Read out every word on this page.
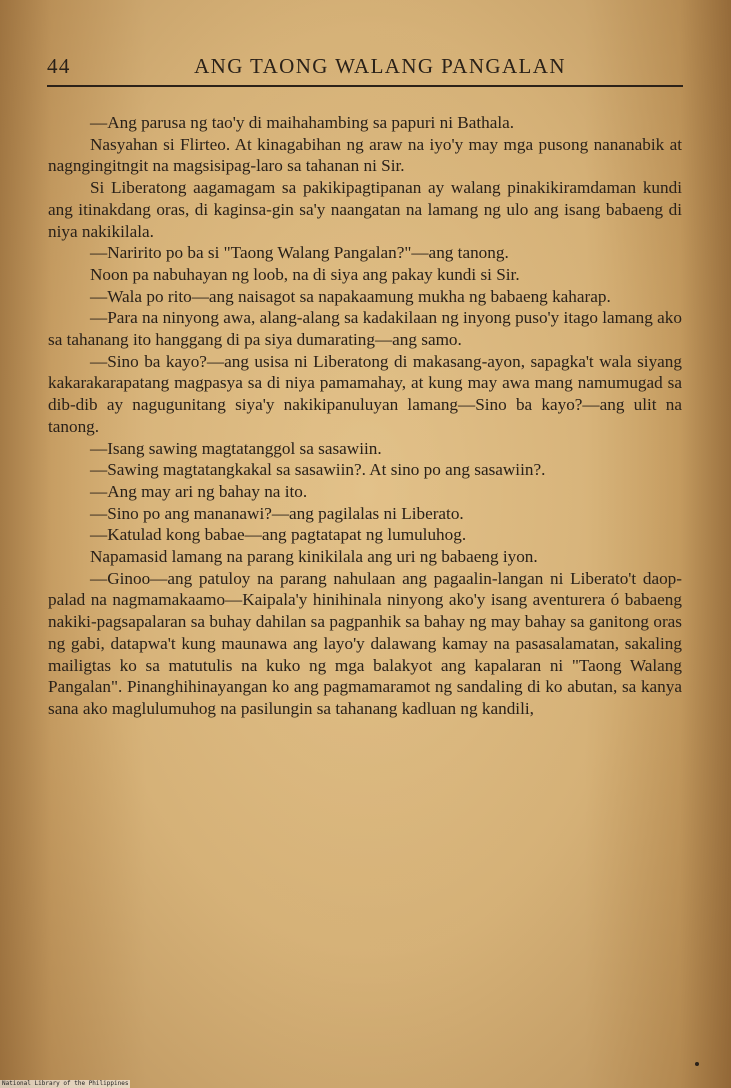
44	ANG TAONG WALANG PANGALAN

—Ang parusa ng tao'y di maihahambing sa papuri ni Bathala.

Nasyahan si Flirteo. At kinagabihan ng araw na iyo'y may mga pusong nananabik at nagngingitngit na magsisipag-laro sa tahanan ni Sir.

Si Liberatong aagamagam sa pakikipagtipanan ay walang pinakikiramdaman kundi ang itinakdang oras, di kaginsa-gin sa'y naangatan na lamang ng ulo ang isang babaeng di niya nakikilala.

—Naririto po ba si "Taong Walang Pangalan?"—ang tanong.

Noon pa nabuhayan ng loob, na di siya ang pakay kundi si Sir.

—Wala po rito—ang naisagot sa napakaamung mukha ng babaeng kaharap.

—Para na ninyong awa, alang-alang sa kadakilaan ng inyong puso'y itago lamang ako sa tahanang ito hanggang di pa siya dumarating—ang samo.

—Sino ba kayo?—ang usisa ni Liberatong di makasang-ayon, sapagka't wala siyang kakarakarapatang magpasya sa di niya pamamahay, at kung may awa mang namumugad sa dib-dib ay nagugunitang siya'y nakikipanuluyan lamang—Sino ba kayo?—ang ulit na tanong.

—Isang sawing magtatanggol sa sasawiin.

—Sawing magtatangkakal sa sasawiin?. At sino po ang sasawiin?.

—Ang may ari ng bahay na ito.

—Sino po ang mananawi?—ang pagilalas ni Liberato.

—Katulad kong babae—ang pagtatapat ng lumuluhog.

Napamasid lamang na parang kinikilala ang uri ng babaeng iyon.

—Ginoo—ang patuloy na parang nahulaan ang pagaalin-langan ni Liberato't daop-palad na nagmamakaamo—Kaipala'y hinihinala ninyong ako'y isang aventurera ó babaeng nakiki-pagsapalaran sa buhay dahilan sa pagpanhik sa bahay ng may bahay sa ganitong oras ng gabi, datapwa't kung maunawa ang layo'y dalawang kamay na pasasalamatan, sakaling mailigtas ko sa matutulis na kuko ng mga balakyot ang kapalaran ni "Taong Walang Pangalan". Pinanghihinayangan ko ang pagmamaramot ng sandaling di ko abutan, sa kanya sana ako maglulumuhog na pasilungin sa tahanang kadluan ng kandili,

National Library of the Philippines
